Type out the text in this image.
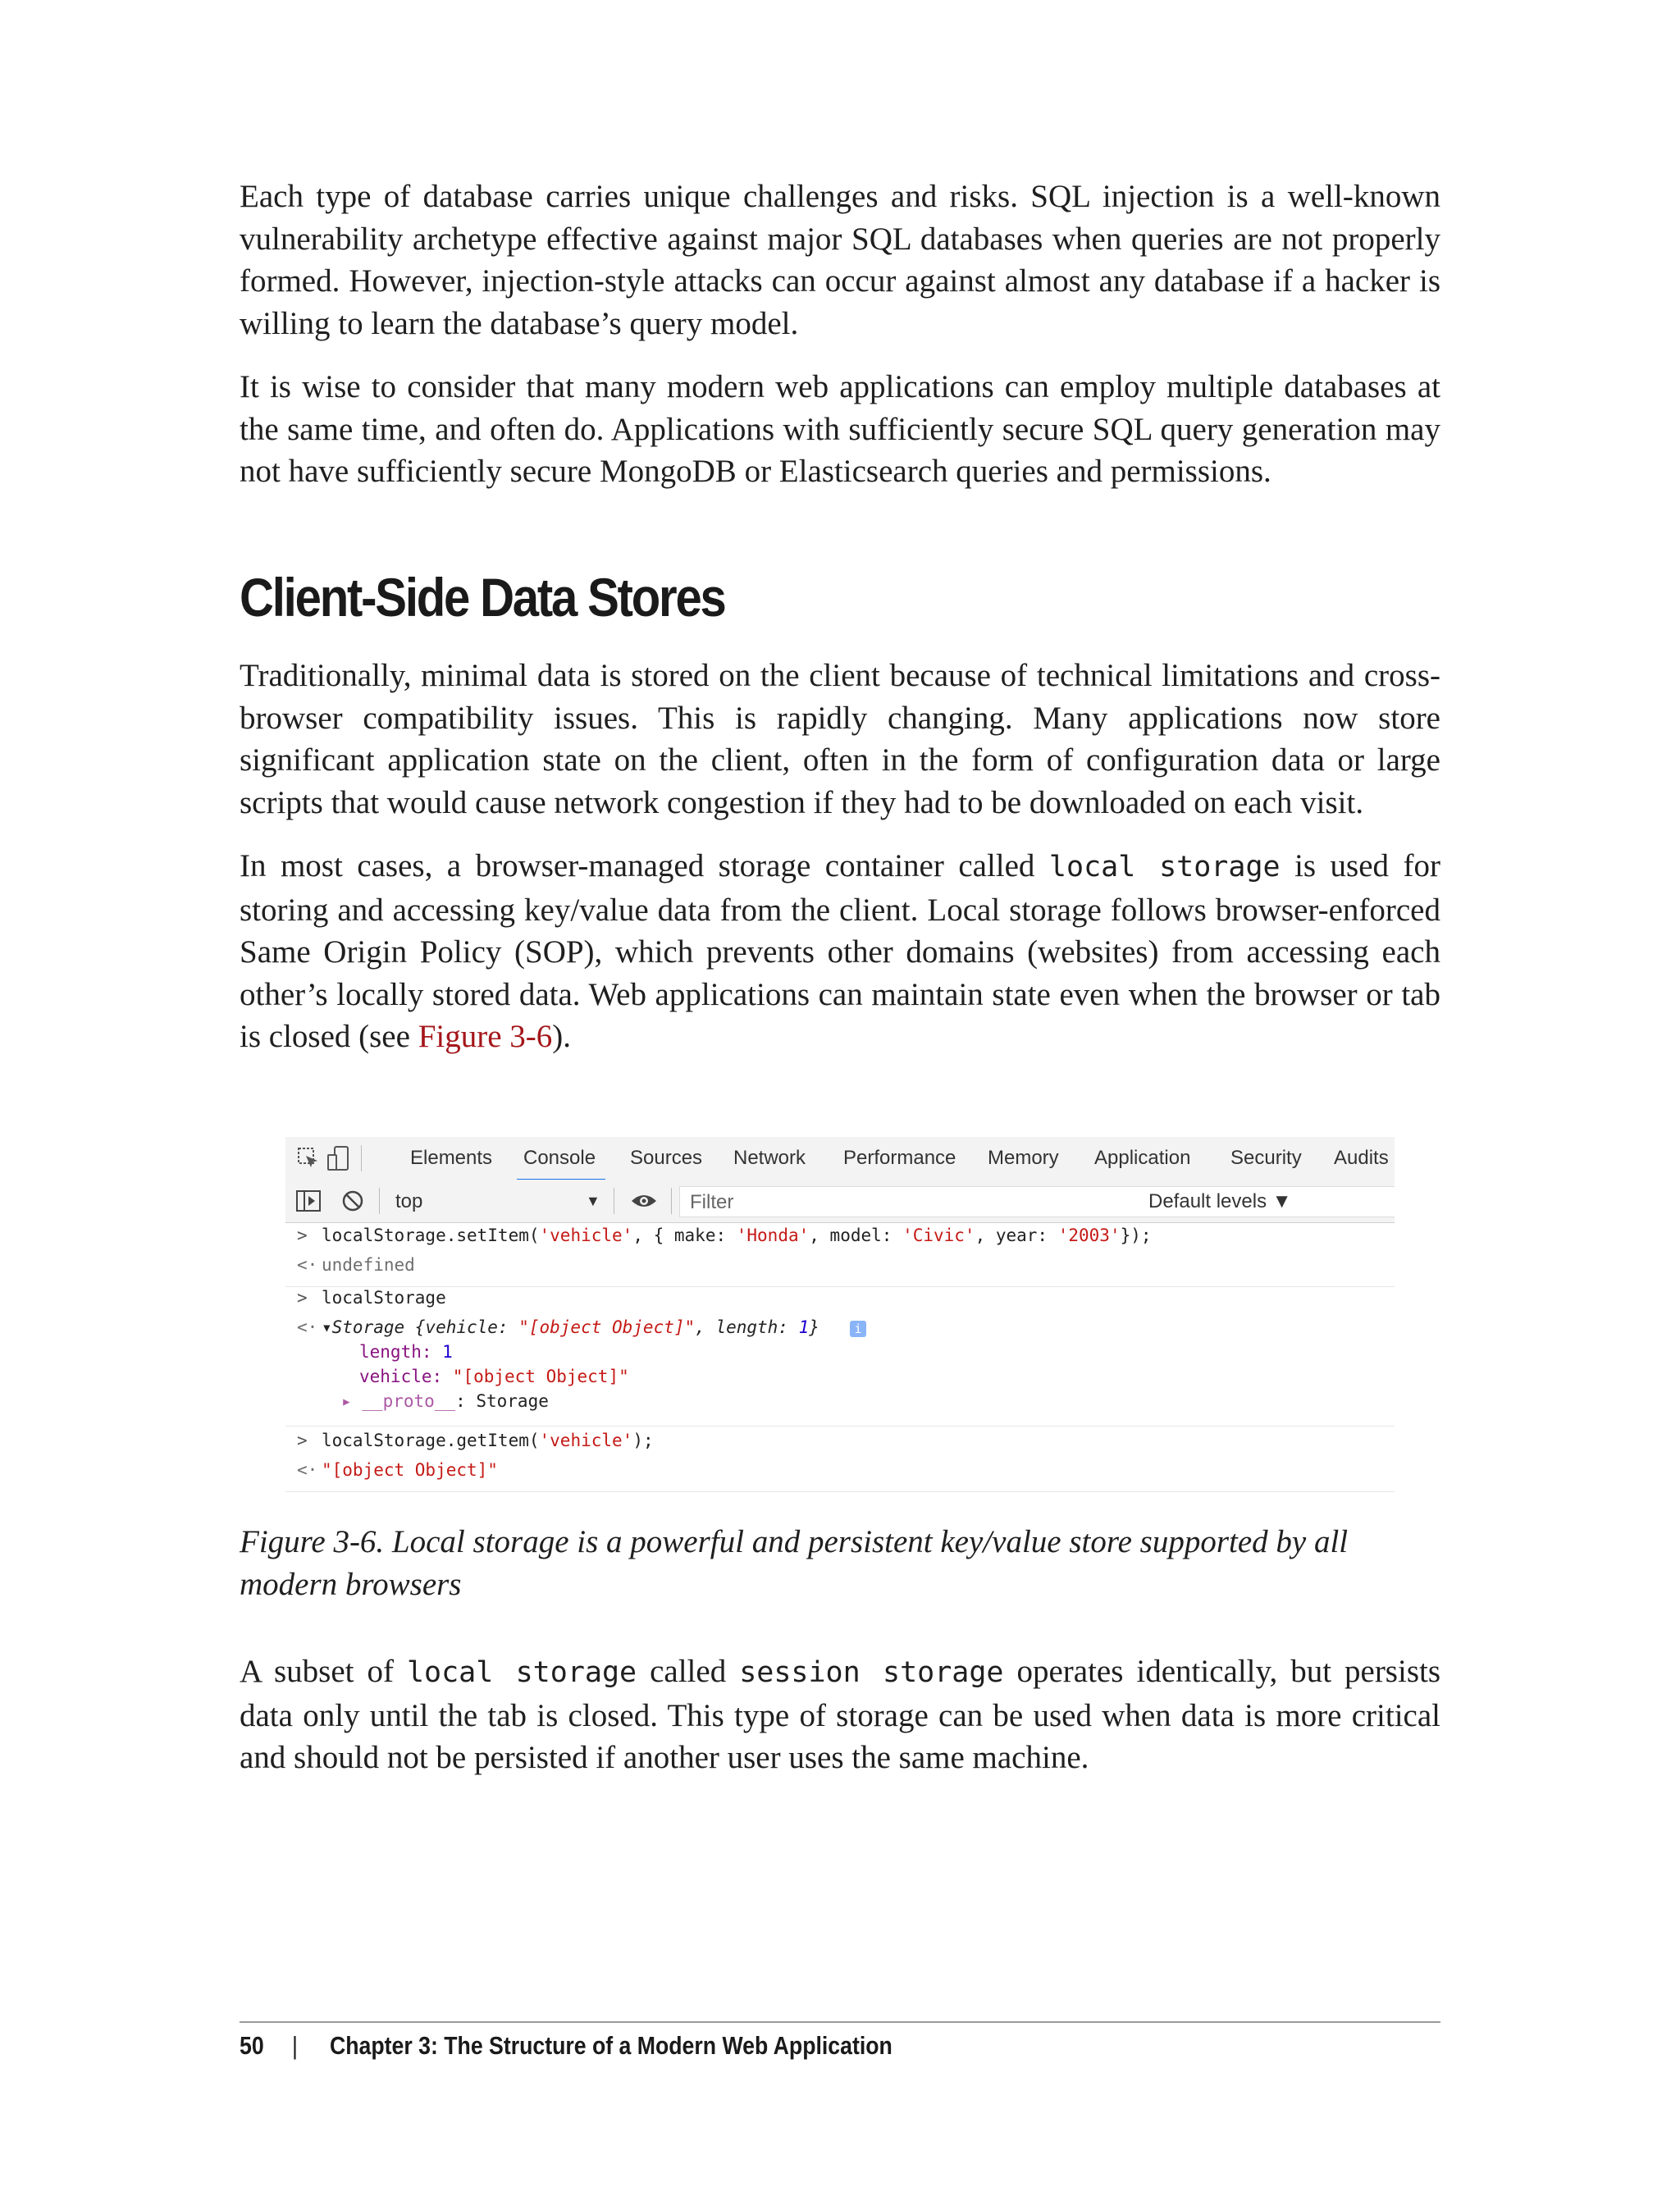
Each type of database carries unique challenges and risks. SQL injection is a well-known vulnerability archetype effective against major SQL databases when queries are not properly formed. However, injection-style attacks can occur against almost any database if a hacker is willing to learn the database’s query model.

It is wise to consider that many modern web applications can employ multiple databases at the same time, and often do. Applications with sufficiently secure SQL query generation may not have sufficiently secure MongoDB or Elasticsearch queries and permissions.

Client-Side Data Stores

Traditionally, minimal data is stored on the client because of technical limitations and cross-browser compatibility issues. This is rapidly changing. Many applications now store significant application state on the client, often in the form of configuration data or large scripts that would cause network congestion if they had to be downloaded on each visit.

In most cases, a browser-managed storage container called local storage is used for storing and accessing key/value data from the client. Local storage follows browser-enforced Same Origin Policy (SOP), which prevents other domains (websites) from accessing each other’s locally stored data. Web applications can maintain state even when the browser or tab is closed (see Figure 3-6).

Elements Console Sources Network Performance Memory Application Security Audits
top	▼	Filter	Default levels ▼
> localStorage.setItem('vehicle', { make: 'Honda', model: 'Civic', year: '2003'});
<· undefined
> localStorage
<· ▾Storage {vehicle: "[object Object]", length: 1}	i
length: 1
vehicle: "[object Object]"
▸ __proto__: Storage
> localStorage.getItem('vehicle');
<· "[object Object]"

Figure 3-6. Local storage is a powerful and persistent key/value store supported by all modern browsers

A subset of local storage called session storage operates identically, but persists data only until the tab is closed. This type of storage can be used when data is more critical and should not be persisted if another user uses the same machine.

50 | Chapter 3: The Structure of a Modern Web Application
